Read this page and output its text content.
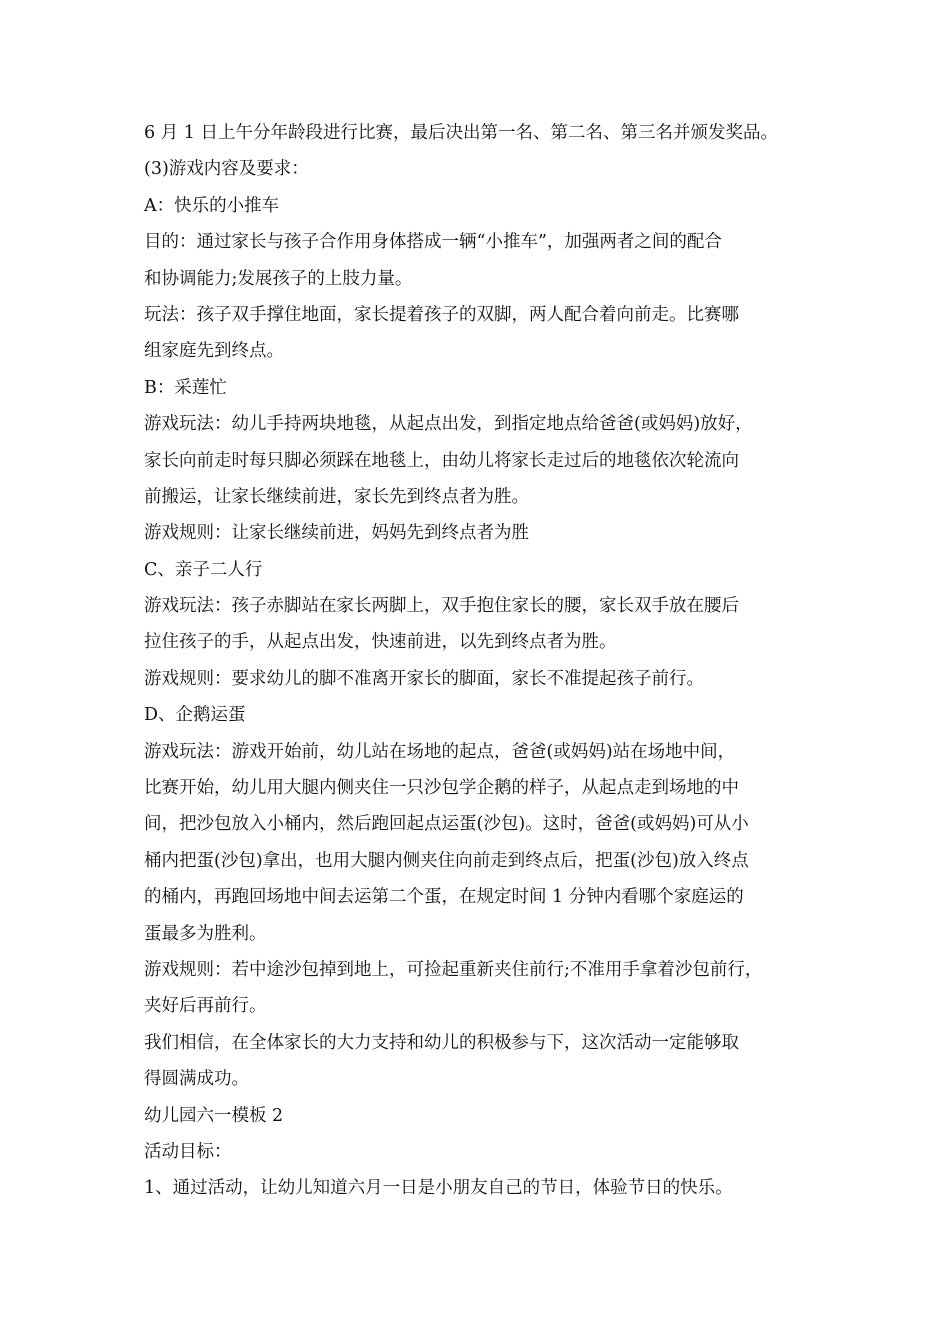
6 月 1 日上午分年龄段进行比赛，最后决出第一名、第二名、第三名并颁发奖品。
(3)游戏内容及要求：
A：快乐的小推车
目的：通过家长与孩子合作用身体搭成一辆“小推车”，加强两者之间的配合
和协调能力;发展孩子的上肢力量。
玩法：孩子双手撑住地面，家长提着孩子的双脚，两人配合着向前走。比赛哪
组家庭先到终点。
B：采莲忙
游戏玩法：幼儿手持两块地毯，从起点出发，到指定地点给爸爸(或妈妈)放好，
家长向前走时每只脚必须踩在地毯上，由幼儿将家长走过后的地毯依次轮流向
前搬运，让家长继续前进，家长先到终点者为胜。
游戏规则：让家长继续前进，妈妈先到终点者为胜
C、亲子二人行
游戏玩法：孩子赤脚站在家长两脚上，双手抱住家长的腰，家长双手放在腰后
拉住孩子的手，从起点出发，快速前进，以先到终点者为胜。
游戏规则：要求幼儿的脚不准离开家长的脚面，家长不准提起孩子前行。
D、企鹅运蛋
游戏玩法：游戏开始前，幼儿站在场地的起点，爸爸(或妈妈)站在场地中间，
比赛开始，幼儿用大腿内侧夹住一只沙包学企鹅的样子，从起点走到场地的中
间，把沙包放入小桶内，然后跑回起点运蛋(沙包)。这时，爸爸(或妈妈)可从小
桶内把蛋(沙包)拿出，也用大腿内侧夹住向前走到终点后，把蛋(沙包)放入终点
的桶内，再跑回场地中间去运第二个蛋，在规定时间 1 分钟内看哪个家庭运的
蛋最多为胜利。
游戏规则：若中途沙包掉到地上，可捡起重新夹住前行;不准用手拿着沙包前行，
夹好后再前行。
我们相信，在全体家长的大力支持和幼儿的积极参与下，这次活动一定能够取
得圆满成功。
幼儿园六一模板 2
活动目标：
1、通过活动，让幼儿知道六月一日是小朋友自己的节日，体验节日的快乐。
